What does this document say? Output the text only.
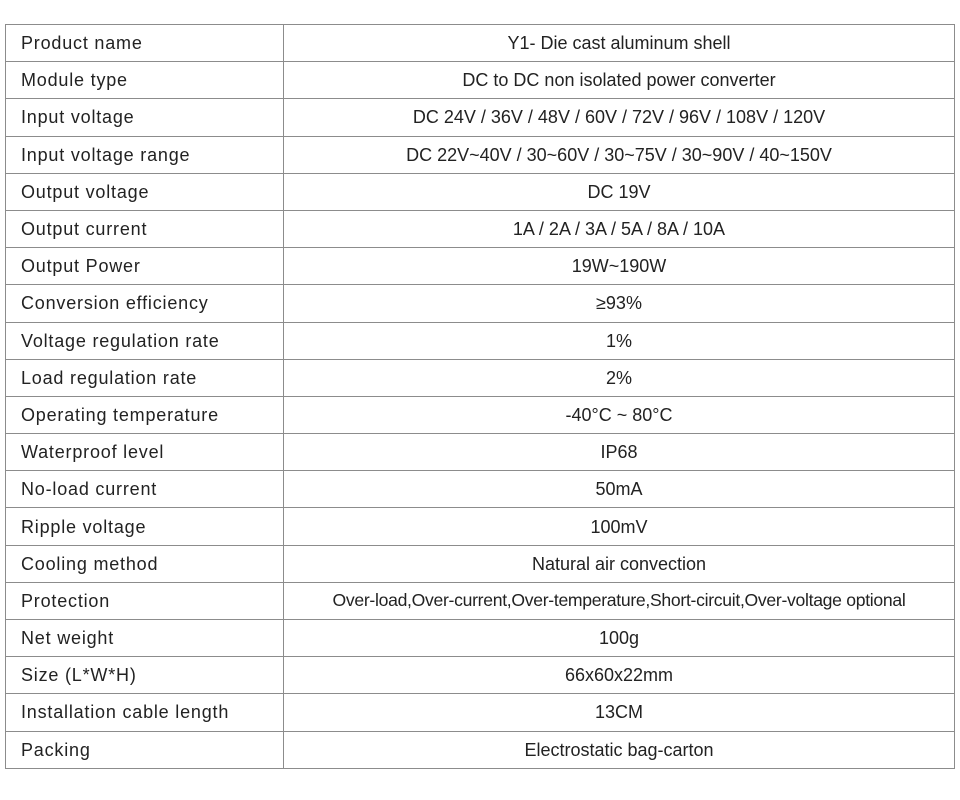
Product name	Y1- Die cast aluminum shell
Module type	DC to DC non isolated power converter
Input voltage	DC 24V / 36V / 48V / 60V / 72V / 96V / 108V / 120V
Input voltage range	DC 22V~40V / 30~60V / 30~75V / 30~90V / 40~150V
Output voltage	DC 19V
Output current	1A / 2A / 3A / 5A / 8A / 10A
Output Power	19W~190W
Conversion efficiency	≥93%
Voltage regulation rate	1%
Load regulation rate	2%
Operating temperature	-40°C ~ 80°C
Waterproof level	IP68
No-load current	50mA
Ripple voltage	100mV
Cooling method	Natural air convection
Protection	Over-load,Over-current,Over-temperature,Short-circuit,Over-voltage optional
Net weight	100g
Size (L*W*H)	66x60x22mm
Installation cable length	13CM
Packing	Electrostatic bag-carton
